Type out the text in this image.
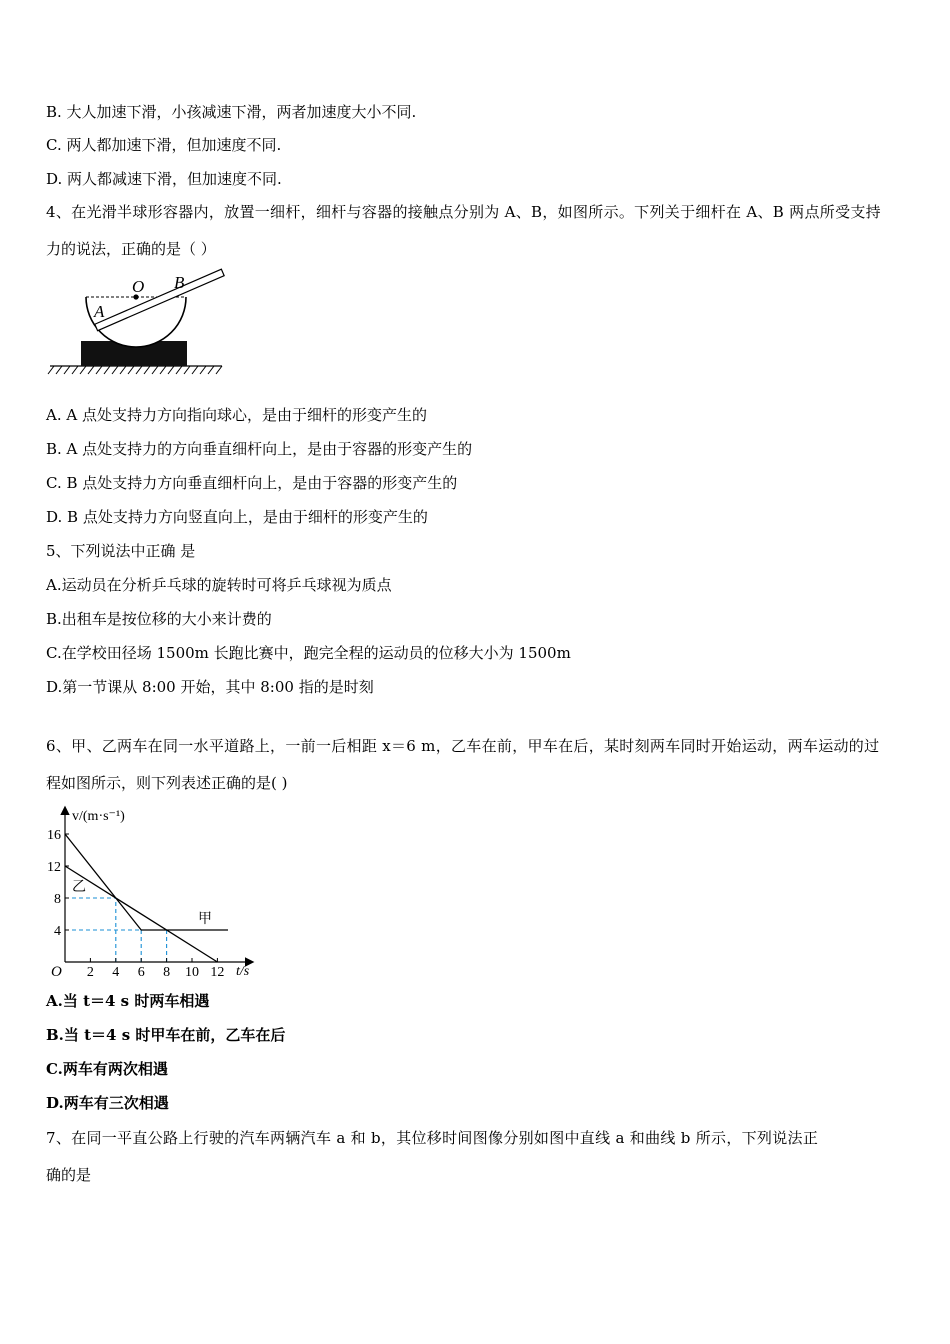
B. 大人加速下滑，小孩减速下滑，两者加速度大小不同.
C. 两人都加速下滑，但加速度不同.
D. 两人都减速下滑，但加速度不同.
4、在光滑半球形容器内，放置一细杆，细杆与容器的接触点分别为 A、B，如图所示。下列关于细杆在 A、B 两点所受支持
力的说法，正确的是（ ）
O
A
B
A. A 点处支持力方向指向球心，是由于细杆的形变产生的
B. A 点处支持力的方向垂直细杆向上，是由于容器的形变产生的
C. B 点处支持力方向垂直细杆向上，是由于容器的形变产生的
D. B 点处支持力方向竖直向上，是由于细杆的形变产生的
5、下列说法中正确 是
A.运动员在分析乒乓球的旋转时可将乒乓球视为质点
B.出租车是按位移的大小来计费的
C.在学校田径场 1500m 长跑比赛中，跑完全程的运动员的位移大小为 1500m
D.第一节课从 8:00 开始，其中 8:00 指的是时刻
6、甲、乙两车在同一水平道路上，一前一后相距 x＝6 m，乙车在前，甲车在后，某时刻两车同时开始运动，两车运动的过
程如图所示，则下列表述正确的是( )
2 4 6 8 10 12
4
8
12
16
v/(m·s⁻¹)
t/s
O
甲
乙
A.当 t＝4 s 时两车相遇
B.当 t＝4 s 时甲车在前，乙车在后
C.两车有两次相遇
D.两车有三次相遇
7、在同一平直公路上行驶的汽车两辆汽车 a 和 b，其位移时间图像分别如图中直线 a 和曲线 b 所示，下列说法正
确的是
